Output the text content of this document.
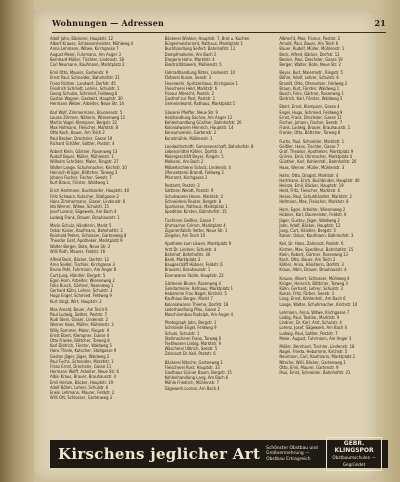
Wohnungen — Adressen	21
Adolf Jahn, Bäckerei, Hauptstr. 12
Albert Krause, Schlossermeister, Mühlweg 4
Anna Lehmann, Witwe, Kirchgasse 7
August Meier, Fuhrmann, Am Anger 3
Bernhard Müller, Tischler, Lindenstr. 18
Carl Neumann, Kaufmann, Marktplatz 2
Emil Otto, Maurer, Gartenstr. 9
Ernst Paul, Schneider, Bahnhofstr. 21
Franz Richter, Landwirt, Dorfstr. 45
Friedrich Schmidt, Lehrer, Schulstr. 1
Georg Schulze, Schmied, Feldweg 6
Gustav Wagner, Gastwirt, Hauptstr. 30
Hermann Weber, Arbeiter, Neue Str. 14
Karl Wolf, Zimmermann, Brunnenstr. 5
Louise Zimmer, Näherin, Wiesenweg 11
Martin Vogel, Klempner, Bergstr. 22
Max Hofmann, Fleischer, Marktstr. 8
Otto Koch, Bauer, Am Teich 2
Paul Becker, Drechsler, Gasse 19
Richard Schäfer, Sattler, Poststr. 4
Robert Klein, Gärtner, Rosenweg 13
Rudolf Bauer, Müller, Mühlenstr. 1
Wilhelm Schröder, Maler, Ringstr. 27
Walter Lange, Schuhmacher, Kirchstr. 10
Heinrich Krüger, Böttcher, Torweg 3
Johann Fischer, Fischer, Seestr. 7
Kurt Braun, Förster, Waldweg 1
Erich Hartmann, Buchbinder, Hauptstr. 40
Fritz Schwarz, Kutscher, Stallgasse 2
Hans Zimmermann, Glaser, Lindenstr. 6
Ida Werner, Witwe, Schulstr. 15
Josef Lorenz, Sägewerk, Am Bach 4
Ludwig Frank, Brauer, Brauhausstr. 1
Marie Schulz, Händlerin, Markt 5
Oskar Kaiser, Kaufmann, Bahnhofstr. 3
Reinhold Peters, Schlosser, Gartenweg 8
Theodor Graf, Apotheker, Marktplatz 9
Walter Berger, Bote, Neue Str. 2
Willi Roth, Maurer, Feldstr. 16
Alfred Beck, Bäcker, Dorfstr. 12
Arno Seidel, Tischler, Kirchgasse 3
Bruno Pohl, Fuhrmann, Am Anger 8
Curt Jung, Händler, Bergstr. 5
Egon Horn, Arbeiter, Wiesenweg 2
Felix Busch, Gärtner, Rosenweg 1
Gerhard Kühn, Lehrer, Schulstr. 3
Hugo Engel, Schmied, Feldweg 9
Kurt Voigt, Wirt, Hauptstr. 2
Max Arnold, Bauer, Am Teich 6
Paul Ludwig, Sattler, Poststr. 7
Rudi Stein, Glaser, Lindenstr. 2
Werner Haas, Müller, Mühlenstr. 3
Willy Sommer, Maler, Ringstr. 9
Ernst Ebert, Klempner, Gasse 4
Otto Franke, Böttcher, Torweg 8
Karl Dietrich, Förster, Waldweg 5
Hans Thiele, Kutscher, Stallgasse 9
Gustav Jäger, Jäger, Waldweg 2
Paul Fuchs, Schneider, Marktstr. 1
Franz Ernst, Drechsler, Gasse 11
Hermann Wolff, Arbeiter, Neue Str. 6
Albin Kraus, Brauer, Brauhausstr. 4
Emil Heinze, Bäcker, Hauptstr. 19
Adolf Böhm, Lehrer, Schulstr. 6
Erwin Lehmann, Maurer, Feldstr. 2
Willi Ott, Schlosser, Gartenweg 3
Bäckerei Winkler, Hauptstr. 7, Brot u. Kuchen
Bürgermeisteramt, Rathaus, Marktplatz 1
Buchhandlung Seifert, Bahnhofstr. 11
Dampfmolkerei, Am Bach 2
Drogerie Hahn, Marktstr. 4
Elektrizitätswerk, Mühlenstr. 5
Fahrradhandlung Ritter, Lindenstr. 10
Färberei Kunze, Seestr. 3
Feuerwehr, Spritzenhaus, Kirchgasse 1
Fleischerei Held, Marktstr. 6
Friseur Albrecht, Poststr. 2
Gasthof zur Post, Poststr. 1
Gemeindeamt, Rathaus, Marktplatz 1
Glaserei Pfeiffer, Neue Str. 9
Holzhandlung Sachse, Am Anger 12
Kohlenhandlung Günther, Bahnhofstr. 20
Kolonialwaren Heinrich, Hauptstr. 14
Konsumverein, Gartenstr. 2
Kunstmühle, Mühlenstr. 1
Landwirtschaftl. Genossenschaft, Bahnhofstr. 8
Lebensmittel Köhler, Dorfstr. 3
Malergeschäft Beyer, Ringstr. 5
Molkerei, Am Bach 2
Möbeltischlerei Scholz, Lindenstr. 4
Ofensetzerei Brandt, Feldweg 2
Pfarramt, Kirchgasse 2
Postamt, Poststr. 3
Sattlerei Wendt, Poststr. 9
Schuhwaren Hesse, Marktstr. 2
Schneiderei Reuter, Bergstr. 8
Sparkasse, Rathaus, Marktplatz 1
Spedition Kirsten, Bahnhofstr. 15
Tischlerei Geißler, Gasse 7
Uhrmacher Grimm, Marktplatz 4
Zigarrenfabrik Vetter, Neue Str. 1
Ziegelei, Am Teich 10
Apotheke zum Löwen, Marktplatz 9
Arzt Dr. Lindner, Schulstr. 4
Bahnhof, Bahnhofstr. 30
Bank, Marktplatz 3
Baugeschäft Hübner, Feldstr. 6
Brauerei, Brauhausstr. 1
Eisenwaren Stolle, Hauptstr. 22
Gärtnerei Blume, Rosenweg 4
Gendarmerie, Rathaus, Marktplatz 1
Hebamme Frau Nagel, Kirchstr. 5
Kaufhaus Berger, Markt 7
Kolonialwaren Thieme, Dorfstr. 18
Lederhandlung Pfau, Gasse 2
Maschinenbau Rudolph, Am Anger 4
Photograph Jahn, Bergstr. 1
Schmiede Engel, Feldweg 9
Schule, Schulstr. 1
Stellmacherei Franz, Torweg 6
Textilwaren Liebig, Marktstr. 9
Wäscherei Ulbrich, Seestr. 5
Zahnarzt Dr. Keil, Poststr. 6
Bäckerei Nitsche, Gartenweg 1
Fleischerei Rost, Hauptstr. 33
Gasthaus Grüner Baum, Bergstr. 15
Kohlenhandlung Lang, Am Bach 6
Mühle Friedrich, Mühlenstr. 7
Sägewerk Lorenz, Am Bach 4
Albrecht, Max, Friseur, Poststr. 2
Arnold, Paul, Bauer, Am Teich 6
Bauer, Rudolf, Müller, Mühlenstr. 1
Beck, Alfred, Bäcker, Dorfstr. 12
Becker, Paul, Drechsler, Gasse 19
Berger, Walter, Bote, Neue Str. 2
Beyer, Kurt, Malermstr., Ringstr. 5
Böhm, Adolf, Lehrer, Schulstr. 6
Brandt, Otto, Ofensetzer, Feldweg 2
Braun, Kurt, Förster, Waldweg 1
Busch, Felix, Gärtner, Rosenweg 1
Dietrich, Karl, Förster, Waldweg 5
Ebert, Ernst, Klempner, Gasse 4
Engel, Hugo, Schmied, Feldweg 9
Ernst, Franz, Drechsler, Gasse 11
Fischer, Johann, Fischer, Seestr. 7
Frank, Ludwig, Brauer, Brauhausstr. 1
Franke, Otto, Böttcher, Torweg 8
Fuchs, Paul, Schneider, Marktstr. 1
Geißler, Hans, Tischler, Gasse 7
Graf, Theodor, Apotheker, Marktplatz 9
Grimm, Emil, Uhrmacher, Marktplatz 4
Günther, Karl, Kohlenhdl., Bahnhofstr. 20
Haas, Werner, Müller, Mühlenstr. 3
Hahn, Otto, Drogist, Marktstr. 4
Hartmann, Erich, Buchbinder, Hauptstr. 40
Heinze, Emil, Bäcker, Hauptstr. 19
Held, Fritz, Fleischer, Marktstr. 6
Hesse, Paul, Schuhhändler, Marktstr. 2
Hofmann, Max, Fleischer, Marktstr. 8
Horn, Egon, Arbeiter, Wiesenweg 2
Hübner, Karl, Baumeister, Feldstr. 6
Jäger, Gustav, Jäger, Waldweg 2
Jahn, Adolf, Bäcker, Hauptstr. 12
Jung, Curt, Händler, Bergstr. 5
Kaiser, Oskar, Kaufmann, Bahnhofstr. 3
Keil, Dr. Hans, Zahnarzt, Poststr. 6
Kirsten, Max, Spediteur, Bahnhofstr. 15
Klein, Robert, Gärtner, Rosenweg 13
Koch, Otto, Bauer, Am Teich 2
Köhler, Anna, Händlerin, Dorfstr. 3
Kraus, Albin, Brauer, Brauhausstr. 4
Krause, Albert, Schlosser, Mühlweg 4
Krüger, Heinrich, Böttcher, Torweg 3
Kühn, Gerhard, Lehrer, Schulstr. 3
Kunze, Fritz, Färber, Seestr. 3
Lang, Ernst, Kohlenhdl., Am Bach 6
Lange, Walter, Schuhmacher, Kirchstr. 10
Lehmann, Anna, Witwe, Kirchgasse 7
Liebig, Paul, Textilw., Marktstr. 9
Lindner, Dr. Karl, Arzt, Schulstr. 4
Lorenz, Josef, Sägewerk, Am Bach 4
Ludwig, Paul, Sattler, Poststr. 7
Meier, August, Fuhrmann, Am Anger 3
Müller, Bernhard, Tischler, Lindenstr. 18
Nagel, Frieda, Hebamme, Kirchstr. 5
Neumann, Carl, Kaufmann, Marktplatz 2
Nitsche, Willi, Bäcker, Gartenweg 1
Otto, Emil, Maurer, Gartenstr. 9
Paul, Ernst, Schneider, Bahnhofstr. 21
Kirschens jeglicher Art	Schönster Obstbau und Großvermehrung — Obstbau Ertragreich
GEBR. KLINGSPOR
Obstbaumschulen — Gegründet
